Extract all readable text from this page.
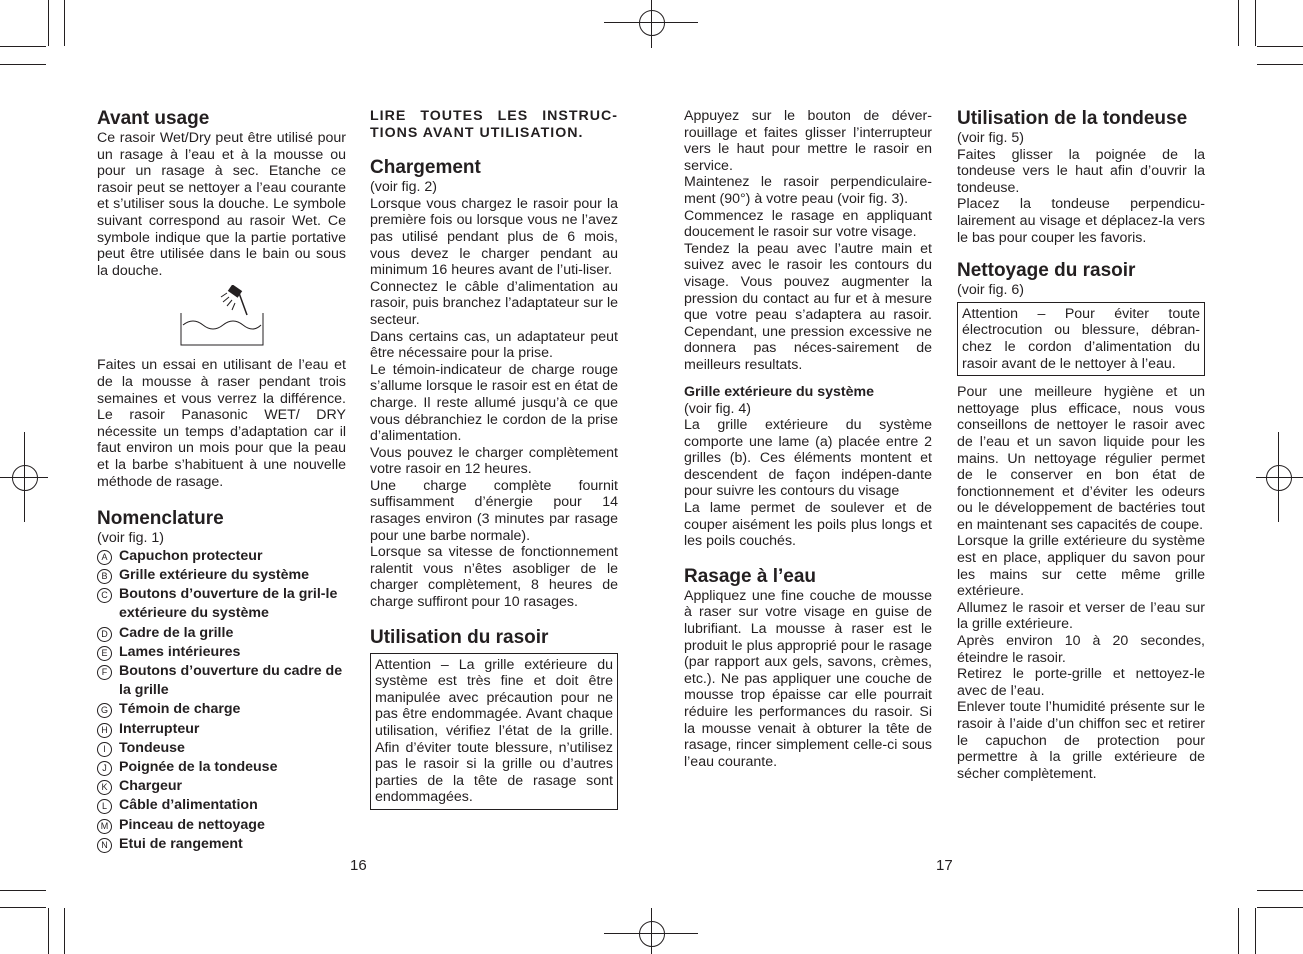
Avant usage

Ce rasoir Wet/Dry peut être utilisé pour un rasage à l’eau et à la mousse ou pour un rasage à sec. Etanche ce rasoir peut se nettoyer a l’eau courante et s’utiliser sous la douche. Le symbole suivant correspond au rasoir Wet. Ce symbole indique que la partie portative peut être utilisée dans le bain ou sous la douche.

Faites un essai en utilisant de l’eau et de la mousse à raser pendant trois semaines et vous verrez la différence. Le rasoir Panasonic WET/ DRY nécessite un temps d’adaptation car il faut environ un mois pour que la peau et la barbe s’habituent à une nouvelle méthode de rasage.

Nomenclature

(voir fig. 1)

A Capuchon protecteur
B Grille extérieure du système
C Boutons d’ouverture de la gril-le extérieure du système
D Cadre de la grille
E Lames intérieures
F Boutons d’ouverture du cadre de la grille
G Témoin de charge
H Interrupteur
I Tondeuse
J Poignée de la tondeuse
K Chargeur
L Câble d’alimentation
M Pinceau de nettoyage
N Etui de rangement

LIRE TOUTES LES INSTRUC-TIONS AVANT UTILISATION.

Chargement

(voir fig. 2)

Lorsque vous chargez le rasoir pour la première fois ou lorsque vous ne l’avez pas utilisé pendant plus de 6 mois, vous devez le charger pendant au minimum 16 heures avant de l’uti-liser.

Connectez le câble d’alimentation au rasoir, puis branchez l’adaptateur sur le secteur.

Dans certains cas, un adaptateur peut être nécessaire pour la prise.

Le témoin-indicateur de charge rouge s’allume lorsque le rasoir est en état de charge. Il reste allumé jusqu’à ce que vous débranchiez le cordon de la prise d’alimentation.

Vous pouvez le charger complètement votre rasoir en 12 heures.

Une charge complète fournit suffisamment d’énergie pour 14 rasages environ (3 minutes par rasage pour une barbe normale).

Lorsque sa vitesse de fonctionnement ralentit vous n’êtes asobliger de le charger complètement, 8 heures de charge suffiront pour 10 rasages.

Utilisation du rasoir

Attention – La grille extérieure du système est très fine et doit être manipulée avec précaution pour ne pas être endommagée. Avant chaque utilisation, vérifiez l’état de la grille. Afin d’éviter toute blessure, n’utilisez pas le rasoir si la grille ou d’autres parties de la tête de rasage sont endommagées.

16

Appuyez sur le bouton de déver-rouillage et faites glisser l’interrupteur vers le haut pour mettre le rasoir en service.

Maintenez le rasoir perpendiculaire-ment (90°) à votre peau (voir fig. 3).

Commencez le rasage en appliquant doucement le rasoir sur votre visage.

Tendez la peau avec l’autre main et suivez avec le rasoir les contours du visage. Vous pouvez augmenter la pression du contact au fur et à mesure que votre peau s’adaptera au rasoir. Cependant, une pression excessive ne donnera pas néces-sairement de meilleurs resultats.

Grille extérieure du système

(voir fig. 4)

La grille extérieure du système comporte une lame (a) placée entre 2 grilles (b). Ces éléments montent et descendent de façon indépen-dante pour suivre les contours du visage

La lame permet de soulever et de couper aisément les poils plus longs et les poils couchés.

Rasage à l’eau

Appliquez une fine couche de mousse à raser sur votre visage en guise de lubrifiant. La mousse à raser est le produit le plus approprié pour le rasage (par rapport aux gels, savons, crèmes, etc.). Ne pas appliquer une couche de mousse trop épaisse car elle pourrait réduire les performances du rasoir. Si la mousse venait à obturer la tête de rasage, rincer simplement celle-ci sous l’eau courante.

Utilisation de la tondeuse

(voir fig. 5)

Faites glisser la poignée de la tondeuse vers le haut afin d’ouvrir la tondeuse.

Placez la tondeuse perpendicu-lairement au visage et déplacez-la vers le bas pour couper les favoris.

Nettoyage du rasoir

(voir fig. 6)

Attention – Pour éviter toute électrocution ou blessure, débran-chez le cordon d’alimentation du rasoir avant de le nettoyer à l’eau.

Pour une meilleure hygiène et un nettoyage plus efficace, nous vous conseillons de nettoyer le rasoir avec de l’eau et un savon liquide pour les mains. Un nettoyage régulier permet de le conserver en bon état de fonctionnement et d’éviter les odeurs ou le développement de bactéries tout en maintenant ses capacités de coupe.

Lorsque la grille extérieure du système est en place, appliquer du savon pour les mains sur cette même grille extérieure.

Allumez le rasoir et verser de l’eau sur la grille extérieure.

Après environ 10 à 20 secondes, éteindre le rasoir.

Retirez le porte-grille et nettoyez-le avec de l’eau.

Enlever toute l’humidité présente sur le rasoir à l’aide d’un chiffon sec et retirer le capuchon de protection pour permettre à la grille extérieure de sécher complètement.

17
